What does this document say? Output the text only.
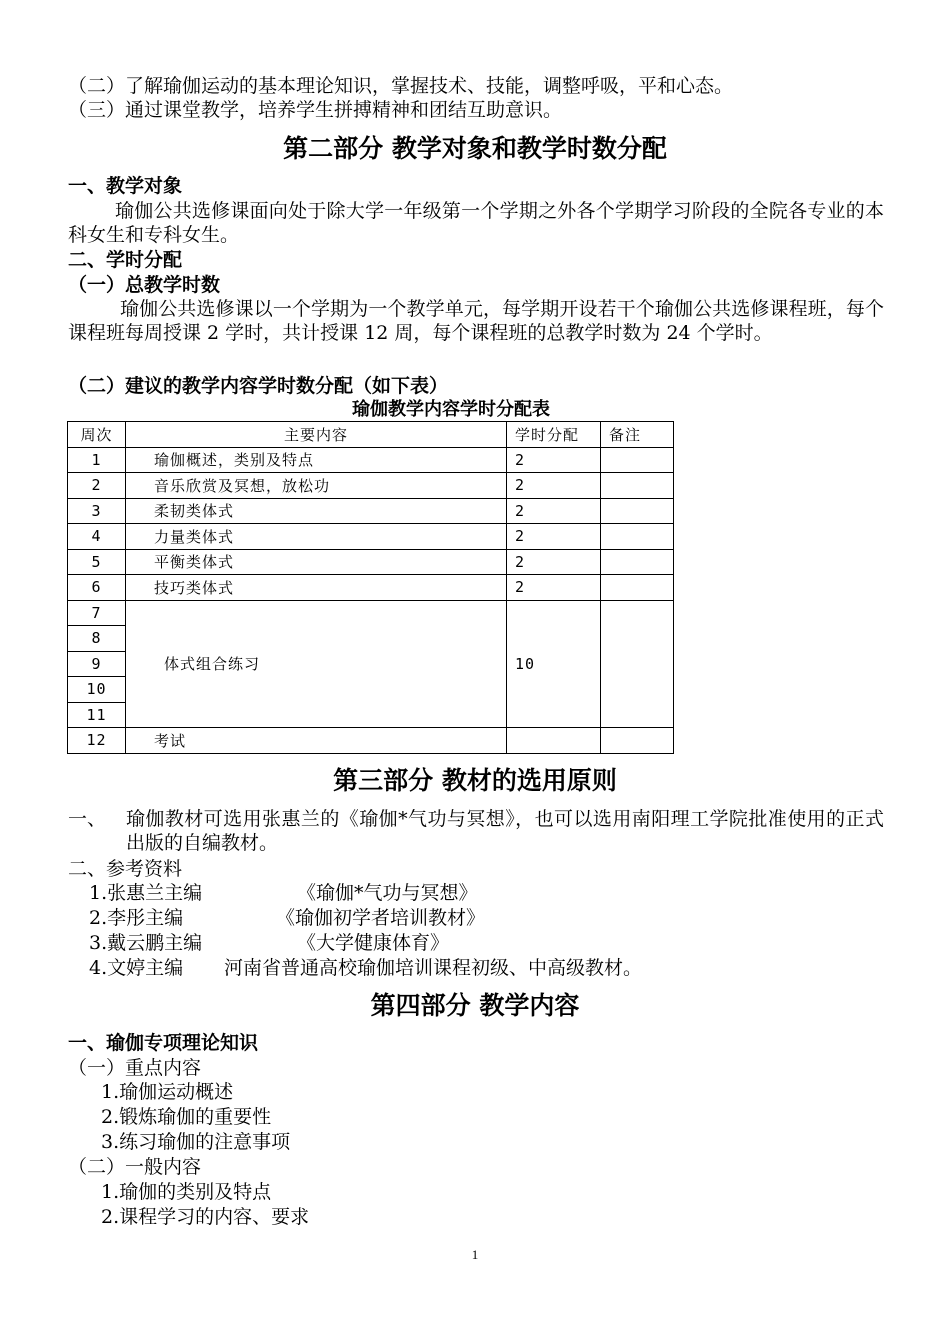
（二）了解瑜伽运动的基本理论知识，掌握技术、技能，调整呼吸，平和心态。
（三）通过课堂教学，培养学生拼搏精神和团结互助意识。
第二部分 教学对象和教学时数分配
一、教学对象
瑜伽公共选修课面向处于除大学一年级第一个学期之外各个学期学习阶段的全院各专业的本科女生和专科女生。
二、学时分配
（一）总教学时数
瑜伽公共选修课以一个学期为一个教学单元，每学期开设若干个瑜伽公共选修课程班，每个课程班每周授课 2 学时，共计授课 12 周，每个课程班的总教学时数为 24 个学时。
（二）建议的教学内容学时数分配（如下表）
瑜伽教学内容学时分配表
周次	主要内容	学时分配	备注
1	瑜伽概述，类别及特点	2	
2	音乐欣赏及冥想，放松功	2	
3	柔韧类体式	2	
4	力量类体式	2	
5	平衡类体式	2	
6	技巧类体式	2	
7	体式组合练习	10	
8			
9			
10			
11			
12	考试		
第三部分 教材的选用原则
一、 瑜伽教材可选用张惠兰的《瑜伽*气功与冥想》，也可以选用南阳理工学院批准使用的正式出版的自编教材。
二、参考资料
1.张惠兰主编	《瑜伽*气功与冥想》
2.李彤主编	《瑜伽初学者培训教材》
3.戴云鹏主编	《大学健康体育》
4.文婷主编 河南省普通高校瑜伽培训课程初级、中高级教材。
第四部分 教学内容
一、瑜伽专项理论知识
（一）重点内容
1.瑜伽运动概述
2.锻炼瑜伽的重要性
3.练习瑜伽的注意事项
（二）一般内容
1.瑜伽的类别及特点
2.课程学习的内容、要求
1
